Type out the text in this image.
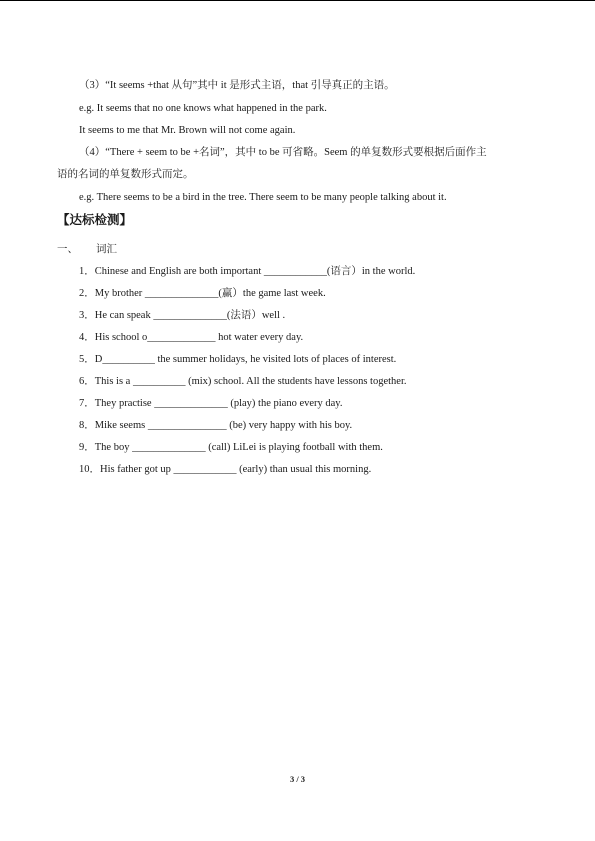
（3）“It seems +that 从句”其中 it 是形式主语，that 引导真正的主语。
e.g. It seems that no one knows what happened in the park.
It seems to me that Mr. Brown will not come again.
（4）“There + seem to be +名词”，其中 to be 可省略。Seem 的单复数形式要根据后面作主
语的名词的单复数形式而定。
e.g. There seems to be a bird in the tree. There seem to be many people talking about it.
【达标检测】
一、 词汇
1．Chinese and English are both important ____________(语言）in the world.
2．My brother ______________(赢）the game last week.
3．He can speak ______________(法语）well .
4．His school o_____________ hot water every day.
5．D__________ the summer holidays, he visited lots of places of interest.
6．This is a __________ (mix) school. All the students have lessons together.
7．They practise ______________ (play) the piano every day.
8．Mike seems _______________ (be) very happy with his boy.
9．The boy ______________ (call) LiLei is playing football with them.
10．His father got up ____________ (early) than usual this morning.
3 / 3
